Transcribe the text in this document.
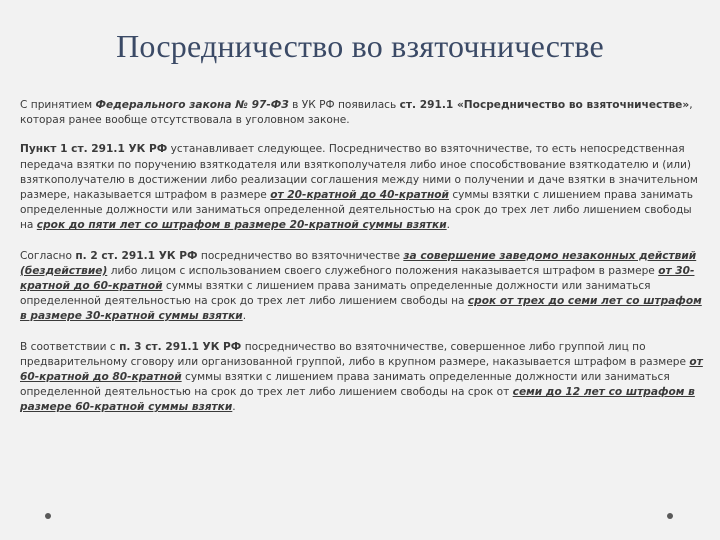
Посредничество во взяточничестве

С принятием Федерального закона № 97-ФЗ в УК РФ появилась ст. 291.1 «Посредничество во взяточничестве», которая ранее вообще отсутствовала в уголовном законе.

Пункт 1 ст. 291.1 УК РФ устанавливает следующее. Посредничество во взяточничестве, то есть непосредственная передача взятки по поручению взяткодателя или взяткополучателя либо иное способствование взяткодателю и (или) взяткополучателю в достижении либо реализации соглашения между ними о получении и даче взятки в значительном размере, наказывается штрафом в размере от 20-кратной до 40-кратной суммы взятки с лишением права занимать определенные должности или заниматься определенной деятельностью на срок до трех лет либо лишением свободы на срок до пяти лет со штрафом в размере 20-кратной суммы взятки.

Согласно п. 2 ст. 291.1 УК РФ посредничество во взяточничестве за совершение заведомо незаконных действий (бездействие) либо лицом с использованием своего служебного положения наказывается штрафом в размере от 30-кратной до 60-кратной суммы взятки с лишением права занимать определенные должности или заниматься определенной деятельностью на срок до трех лет либо лишением свободы на срок от трех до семи лет со штрафом в размере 30-кратной суммы взятки.

В соответствии с п. 3 ст. 291.1 УК РФ посредничество во взяточничестве, совершенное либо группой лиц по предварительному сговору или организованной группой, либо в крупном размере, наказывается штрафом в размере от 60-кратной до 80-кратной суммы взятки с лишением права занимать определенные должности или заниматься определенной деятельностью на срок до трех лет либо лишением свободы на срок от семи до 12 лет со штрафом в размере 60-кратной суммы взятки.
